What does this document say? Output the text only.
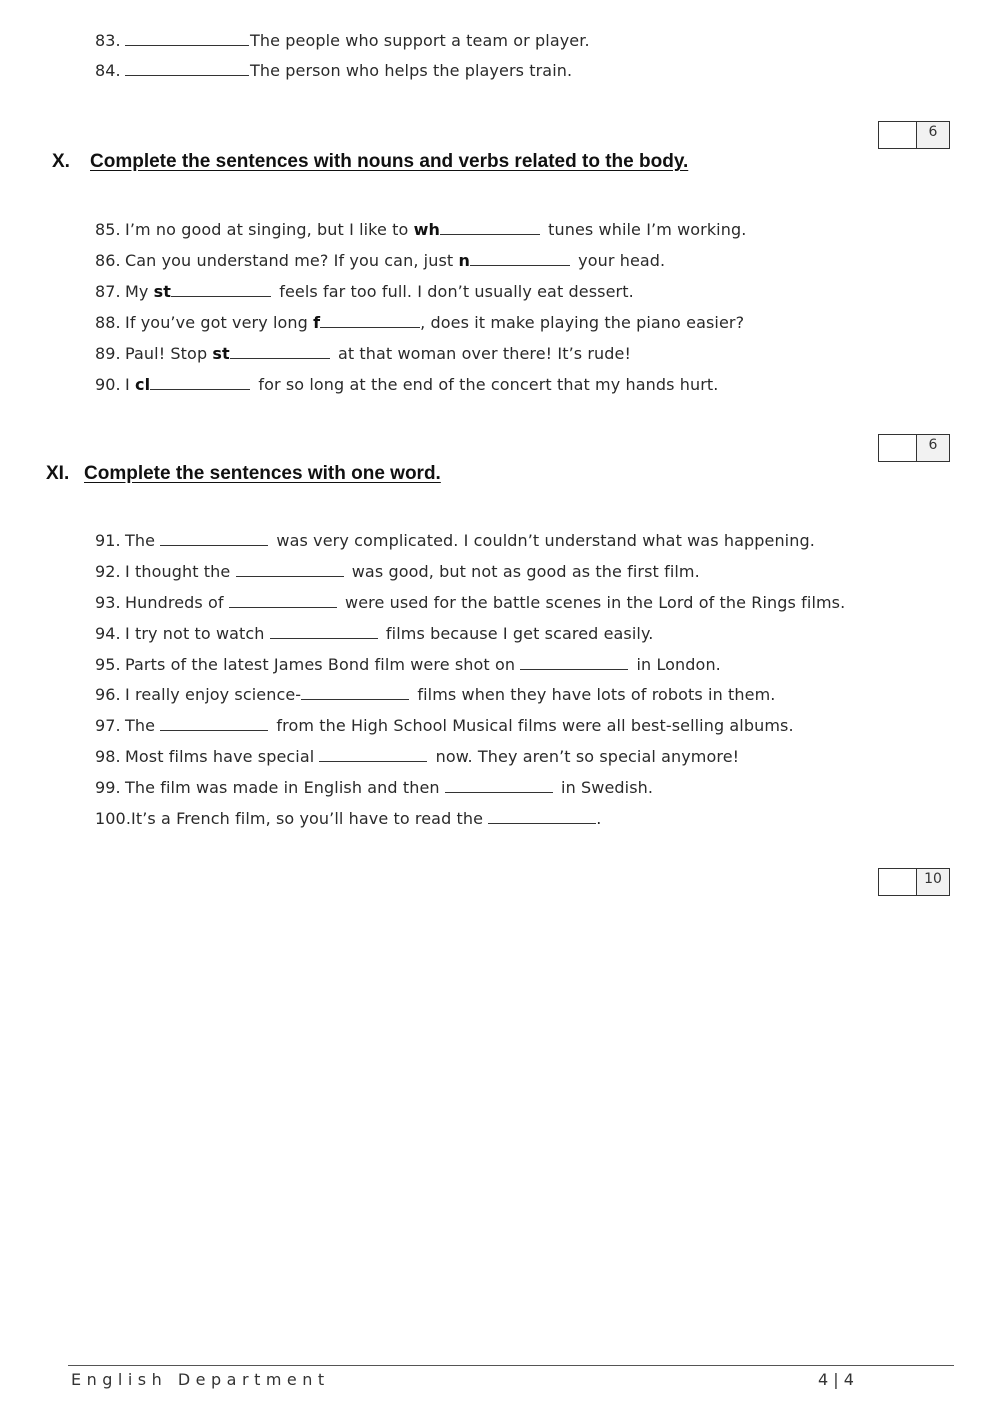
83.	The people who support a team or player.
84.	The person who helps the players train.
6
X. Complete the sentences with nouns and verbs related to the body.
85. I’m no good at singing, but I like to wh	tunes while I’m working.
86. Can you understand me? If you can, just n	your head.
87. My st	feels far too full. I don’t usually eat dessert.
88. If you’ve got very long f	, does it make playing the piano easier?
89. Paul! Stop st	at that woman over there! It’s rude!
90. I cl	for so long at the end of the concert that my hands hurt.
6
XI. Complete the sentences with one word.
91. The	was very complicated. I couldn’t understand what was happening.
92. I thought the	was good, but not as good as the first film.
93. Hundreds of	were used for the battle scenes in the Lord of the Rings films.
94. I try not to watch	films because I get scared easily.
95. Parts of the latest James Bond film were shot on	in London.
96. I really enjoy science-	films when they have lots of robots in them.
97. The	from the High School Musical films were all best-selling albums.
98. Most films have special	now. They aren’t so special anymore!
99. The film was made in English and then	in Swedish.
100.It’s a French film, so you’ll have to read the	.
10
English Department	4 | 4
